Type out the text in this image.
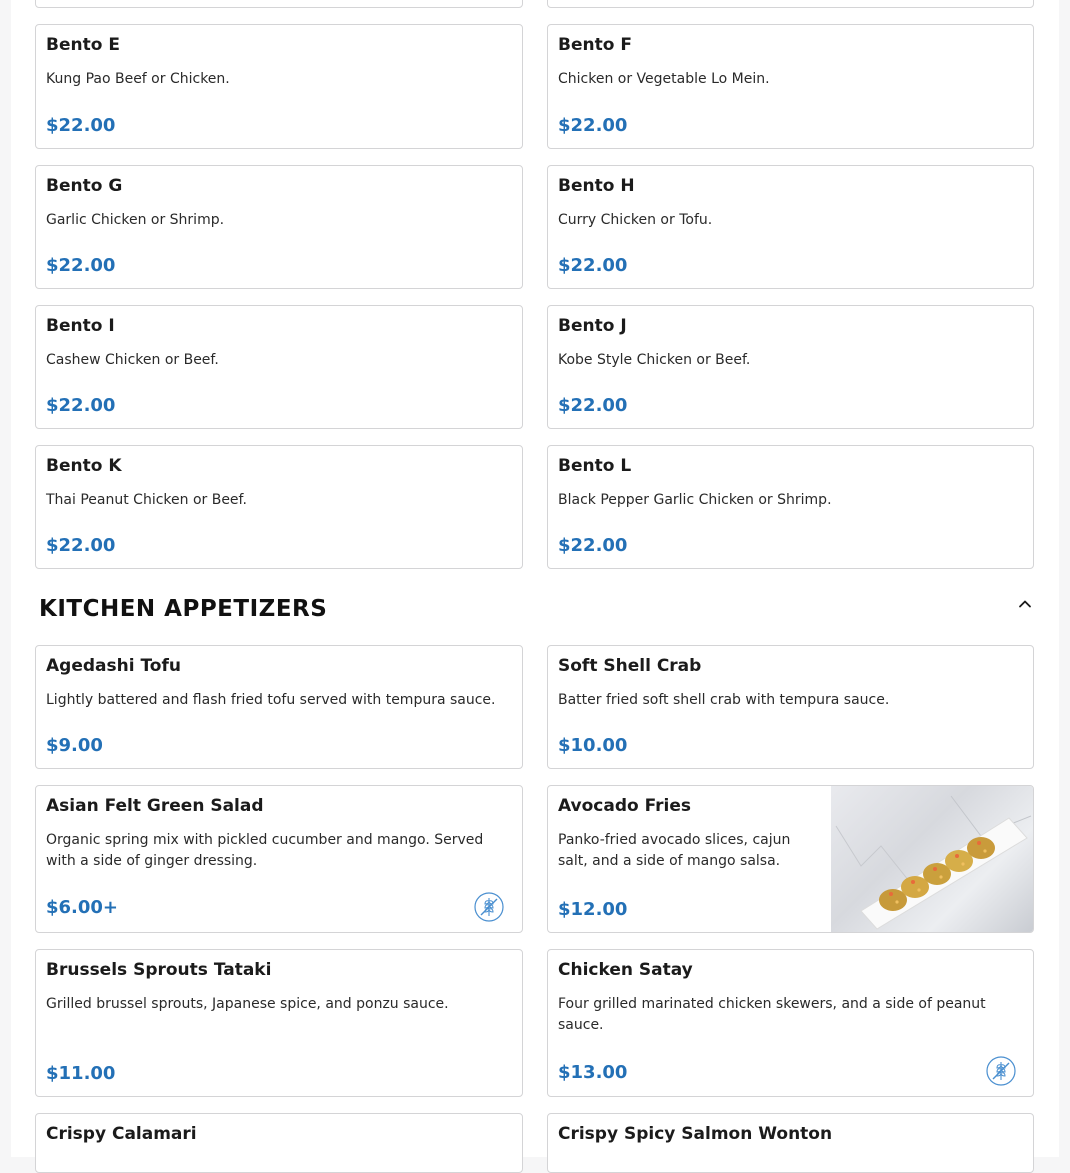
Bento E
Kung Pao Beef or Chicken.
$22.00
Bento F
Chicken or Vegetable Lo Mein.
$22.00
Bento G
Garlic Chicken or Shrimp.
$22.00
Bento H
Curry Chicken or Tofu.
$22.00
Bento I
Cashew Chicken or Beef.
$22.00
Bento J
Kobe Style Chicken or Beef.
$22.00
Bento K
Thai Peanut Chicken or Beef.
$22.00
Bento L
Black Pepper Garlic Chicken or Shrimp.
$22.00
KITCHEN APPETIZERS
Agedashi Tofu
Lightly battered and flash fried tofu served with tempura sauce.
$9.00
Soft Shell Crab
Batter fried soft shell crab with tempura sauce.
$10.00
Asian Felt Green Salad
Organic spring mix with pickled cucumber and mango. Served with a side of ginger dressing.
$6.00+
Avocado Fries
Panko-fried avocado slices, cajun salt, and a side of mango salsa.
$12.00
Brussels Sprouts Tataki
Grilled brussel sprouts, Japanese spice, and ponzu sauce.
$11.00
Chicken Satay
Four grilled marinated chicken skewers, and a side of peanut sauce.
$13.00
Crispy Calamari	Crispy Spicy Salmon Wonton
